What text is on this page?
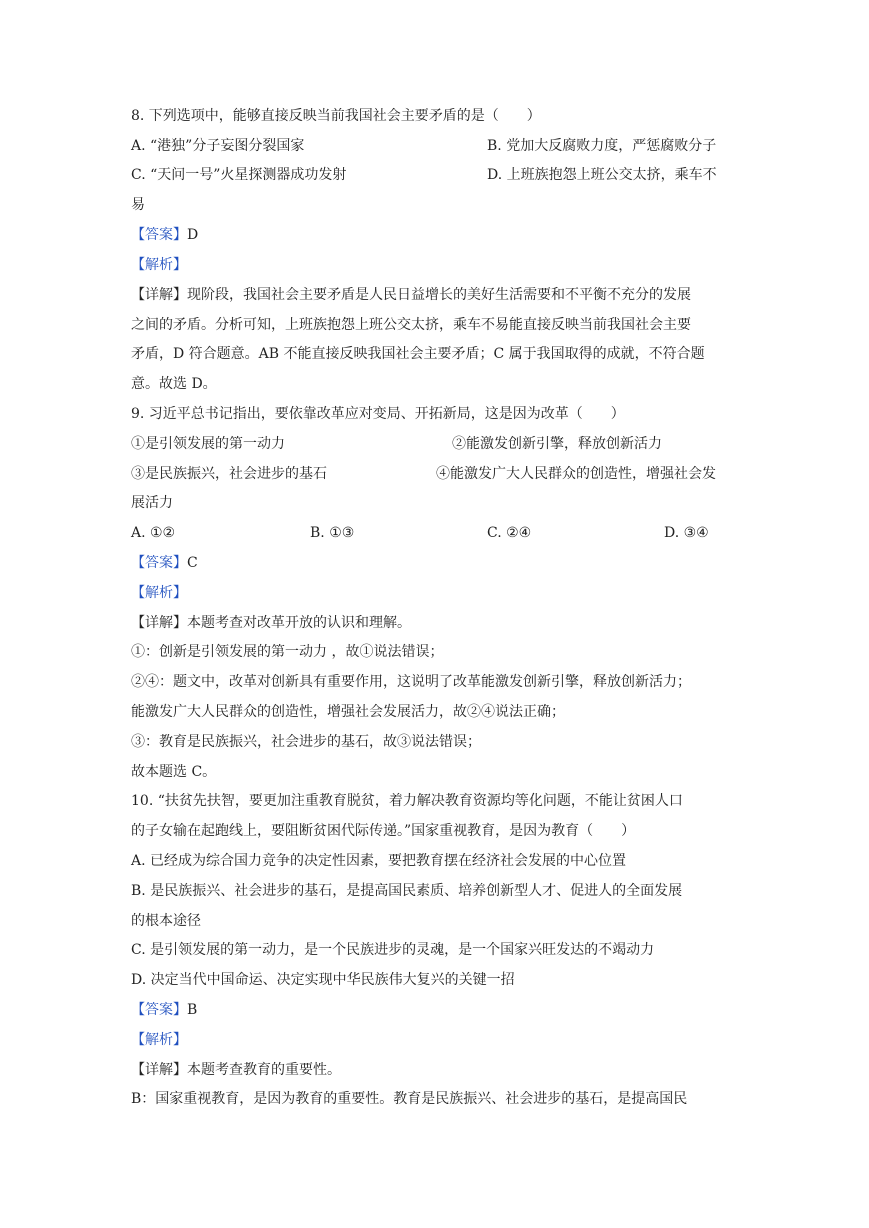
8. 下列选项中，能够直接反映当前我国社会主要矛盾的是（　　）
A. “港独”分子妄图分裂国家	B. 党加大反腐败力度，严惩腐败分子
C. “天问一号”火星探测器成功发射	D. 上班族抱怨上班公交太挤，乘车不
易
【答案】D
【解析】
【详解】现阶段，我国社会主要矛盾是人民日益增长的美好生活需要和不平衡不充分的发展
之间的矛盾。分析可知，上班族抱怨上班公交太挤，乘车不易能直接反映当前我国社会主要
矛盾，D 符合题意。AB 不能直接反映我国社会主要矛盾；C 属于我国取得的成就，不符合题
意。故选 D。
9. 习近平总书记指出，要依靠改革应对变局、开拓新局，这是因为改革（　　）
①是引领发展的第一动力	②能激发创新引擎，释放创新活力
③是民族振兴，社会进步的基石	④能激发广大人民群众的创造性，增强社会发
展活力
A. ①②	B. ①③	C. ②④	D. ③④
【答案】C
【解析】
【详解】本题考查对改革开放的认识和理解。
①：创新是引领发展的第一动力 ，故①说法错误；
②④：题文中，改革对创新具有重要作用，这说明了改革能激发创新引擎，释放创新活力；
能激发广大人民群众的创造性，增强社会发展活力，故②④说法正确；
③：教育是民族振兴，社会进步的基石，故③说法错误；
故本题选 C。
10. “扶贫先扶智，要更加注重教育脱贫，着力解决教育资源均等化问题，不能让贫困人口
的子女输在起跑线上，要阻断贫困代际传递。”国家重视教育，是因为教育（　　）
A. 已经成为综合国力竞争的决定性因素，要把教育摆在经济社会发展的中心位置
B. 是民族振兴、社会进步的基石，是提高国民素质、培养创新型人才、促进人的全面发展
的根本途径
C. 是引领发展的第一动力，是一个民族进步的灵魂，是一个国家兴旺发达的不竭动力
D. 决定当代中国命运、决定实现中华民族伟大复兴的关键一招
【答案】B
【解析】
【详解】本题考查教育的重要性。
B：国家重视教育，是因为教育的重要性。教育是民族振兴、社会进步的基石，是提高国民
